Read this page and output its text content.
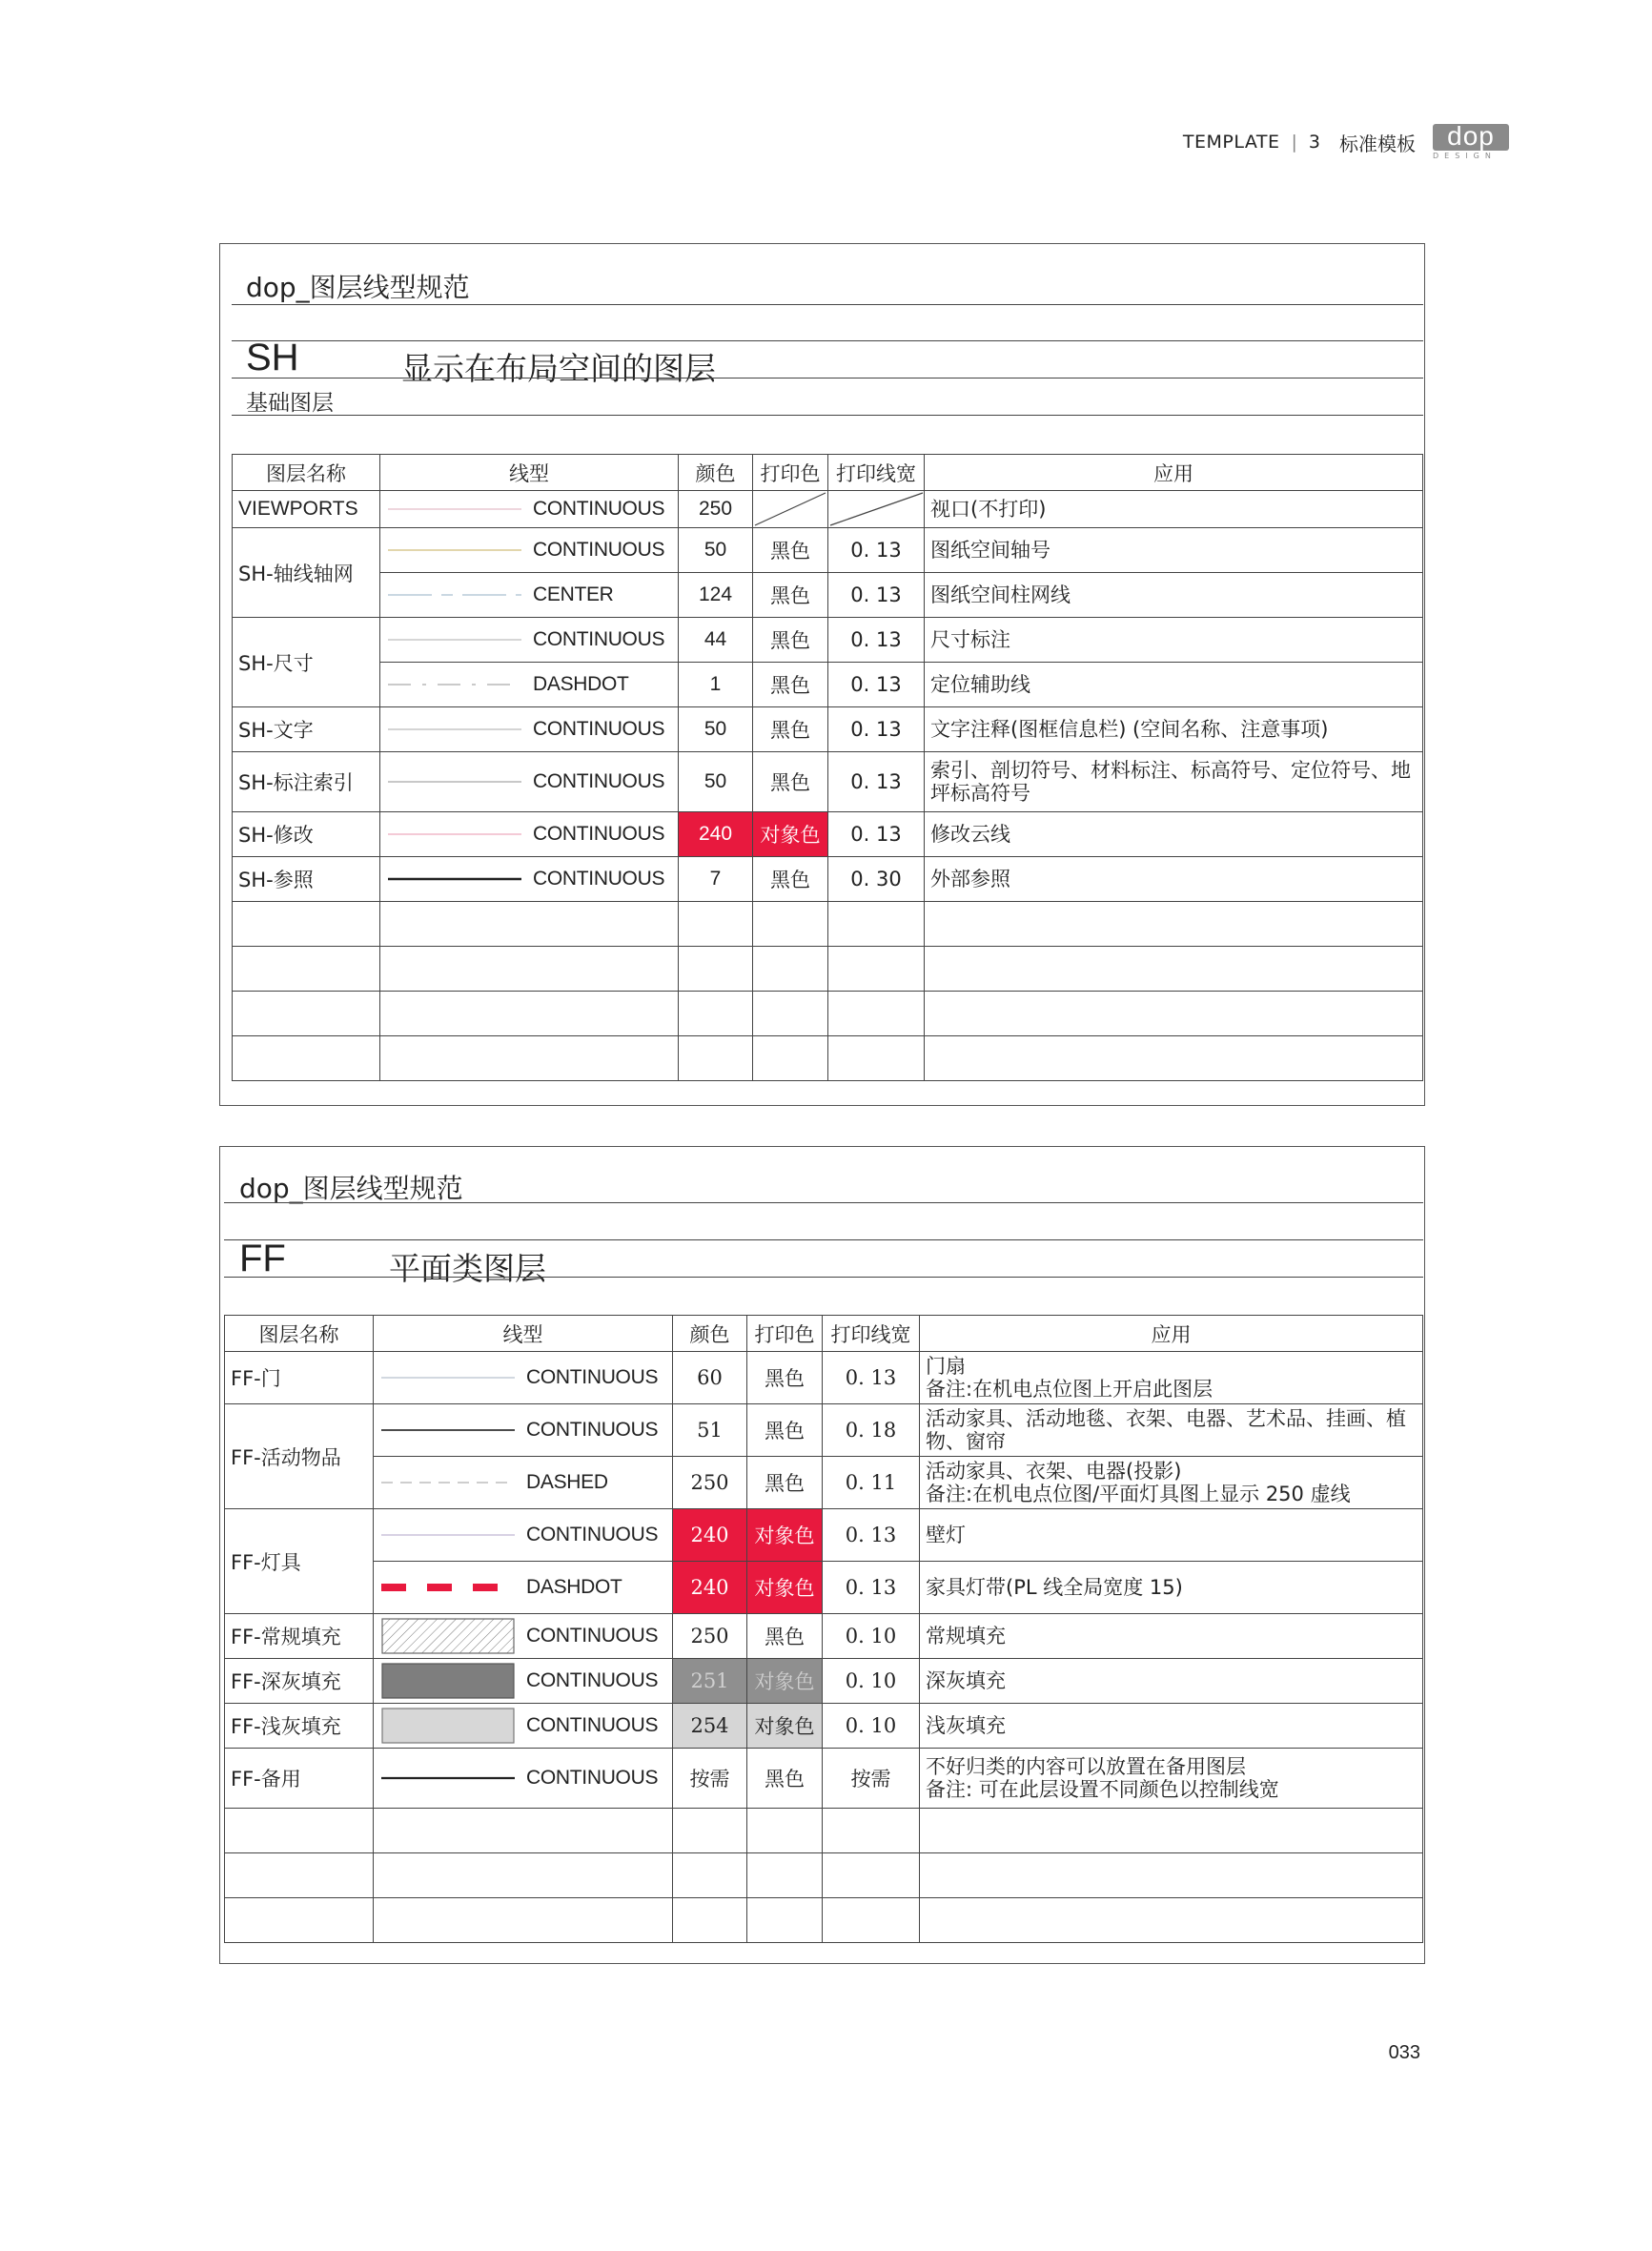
TEMPLATE | 3 标准模板	dop
DESIGN
dop_图层线型规范
SH	显示在布局空间的图层
基础图层
图层名称	线型	颜色	打印色	打印线宽	应用
VIEWPORTS	CONTINUOUS	250			视口(不打印)
SH-轴线轴网	CONTINUOUS	50	黑色	0. 13	图纸空间轴号

	CENTER	124	黑色	0. 13	图纸空间柱网线
SH-尺寸	CONTINUOUS	44	黑色	0. 13	尺寸标注

	DASHDOT	1	黑色	0. 13	定位辅助线
SH-文字	CONTINUOUS	50	黑色	0. 13	文字注释(图框信息栏) (空间名称、注意事项)
SH-标注索引	CONTINUOUS	50	黑色	0. 13	索引、剖切符号、材料标注、标高符号、定位符号、地坪标高符号
SH-修改	CONTINUOUS	240	对象色	0. 13	修改云线
SH-参照	CONTINUOUS	7	黑色	0. 30	外部参照

dop_图层线型规范
FF	平面类图层
图层名称	线型	颜色	打印色	打印线宽	应用
FF-门	CONTINUOUS	60	黑色	0. 13	门扇
备注:在机电点位图上开启此图层

FF-活动物品	CONTINUOUS	51	黑色	0. 18	活动家具、活动地毯、衣架、电器、艺术品、挂画、植物、窗帘

	DASHED	250	黑色	0. 11	活动家具、衣架、电器(投影)
备注:在机电点位图/平面灯具图上显示 250 虚线

FF-灯具	CONTINUOUS	240	对象色	0. 13	壁灯

	DASHDOT	240	对象色	0. 13	家具灯带(PL 线全局宽度 15)
FF-常规填充	CONTINUOUS	250	黑色	0. 10	常规填充
FF-深灰填充	CONTINUOUS	251	对象色	0. 10	深灰填充
FF-浅灰填充	CONTINUOUS	254	对象色	0. 10	浅灰填充
FF-备用	CONTINUOUS	按需	黑色	按需	不好归类的内容可以放置在备用图层
备注: 可在此层设置不同颜色以控制线宽

033
